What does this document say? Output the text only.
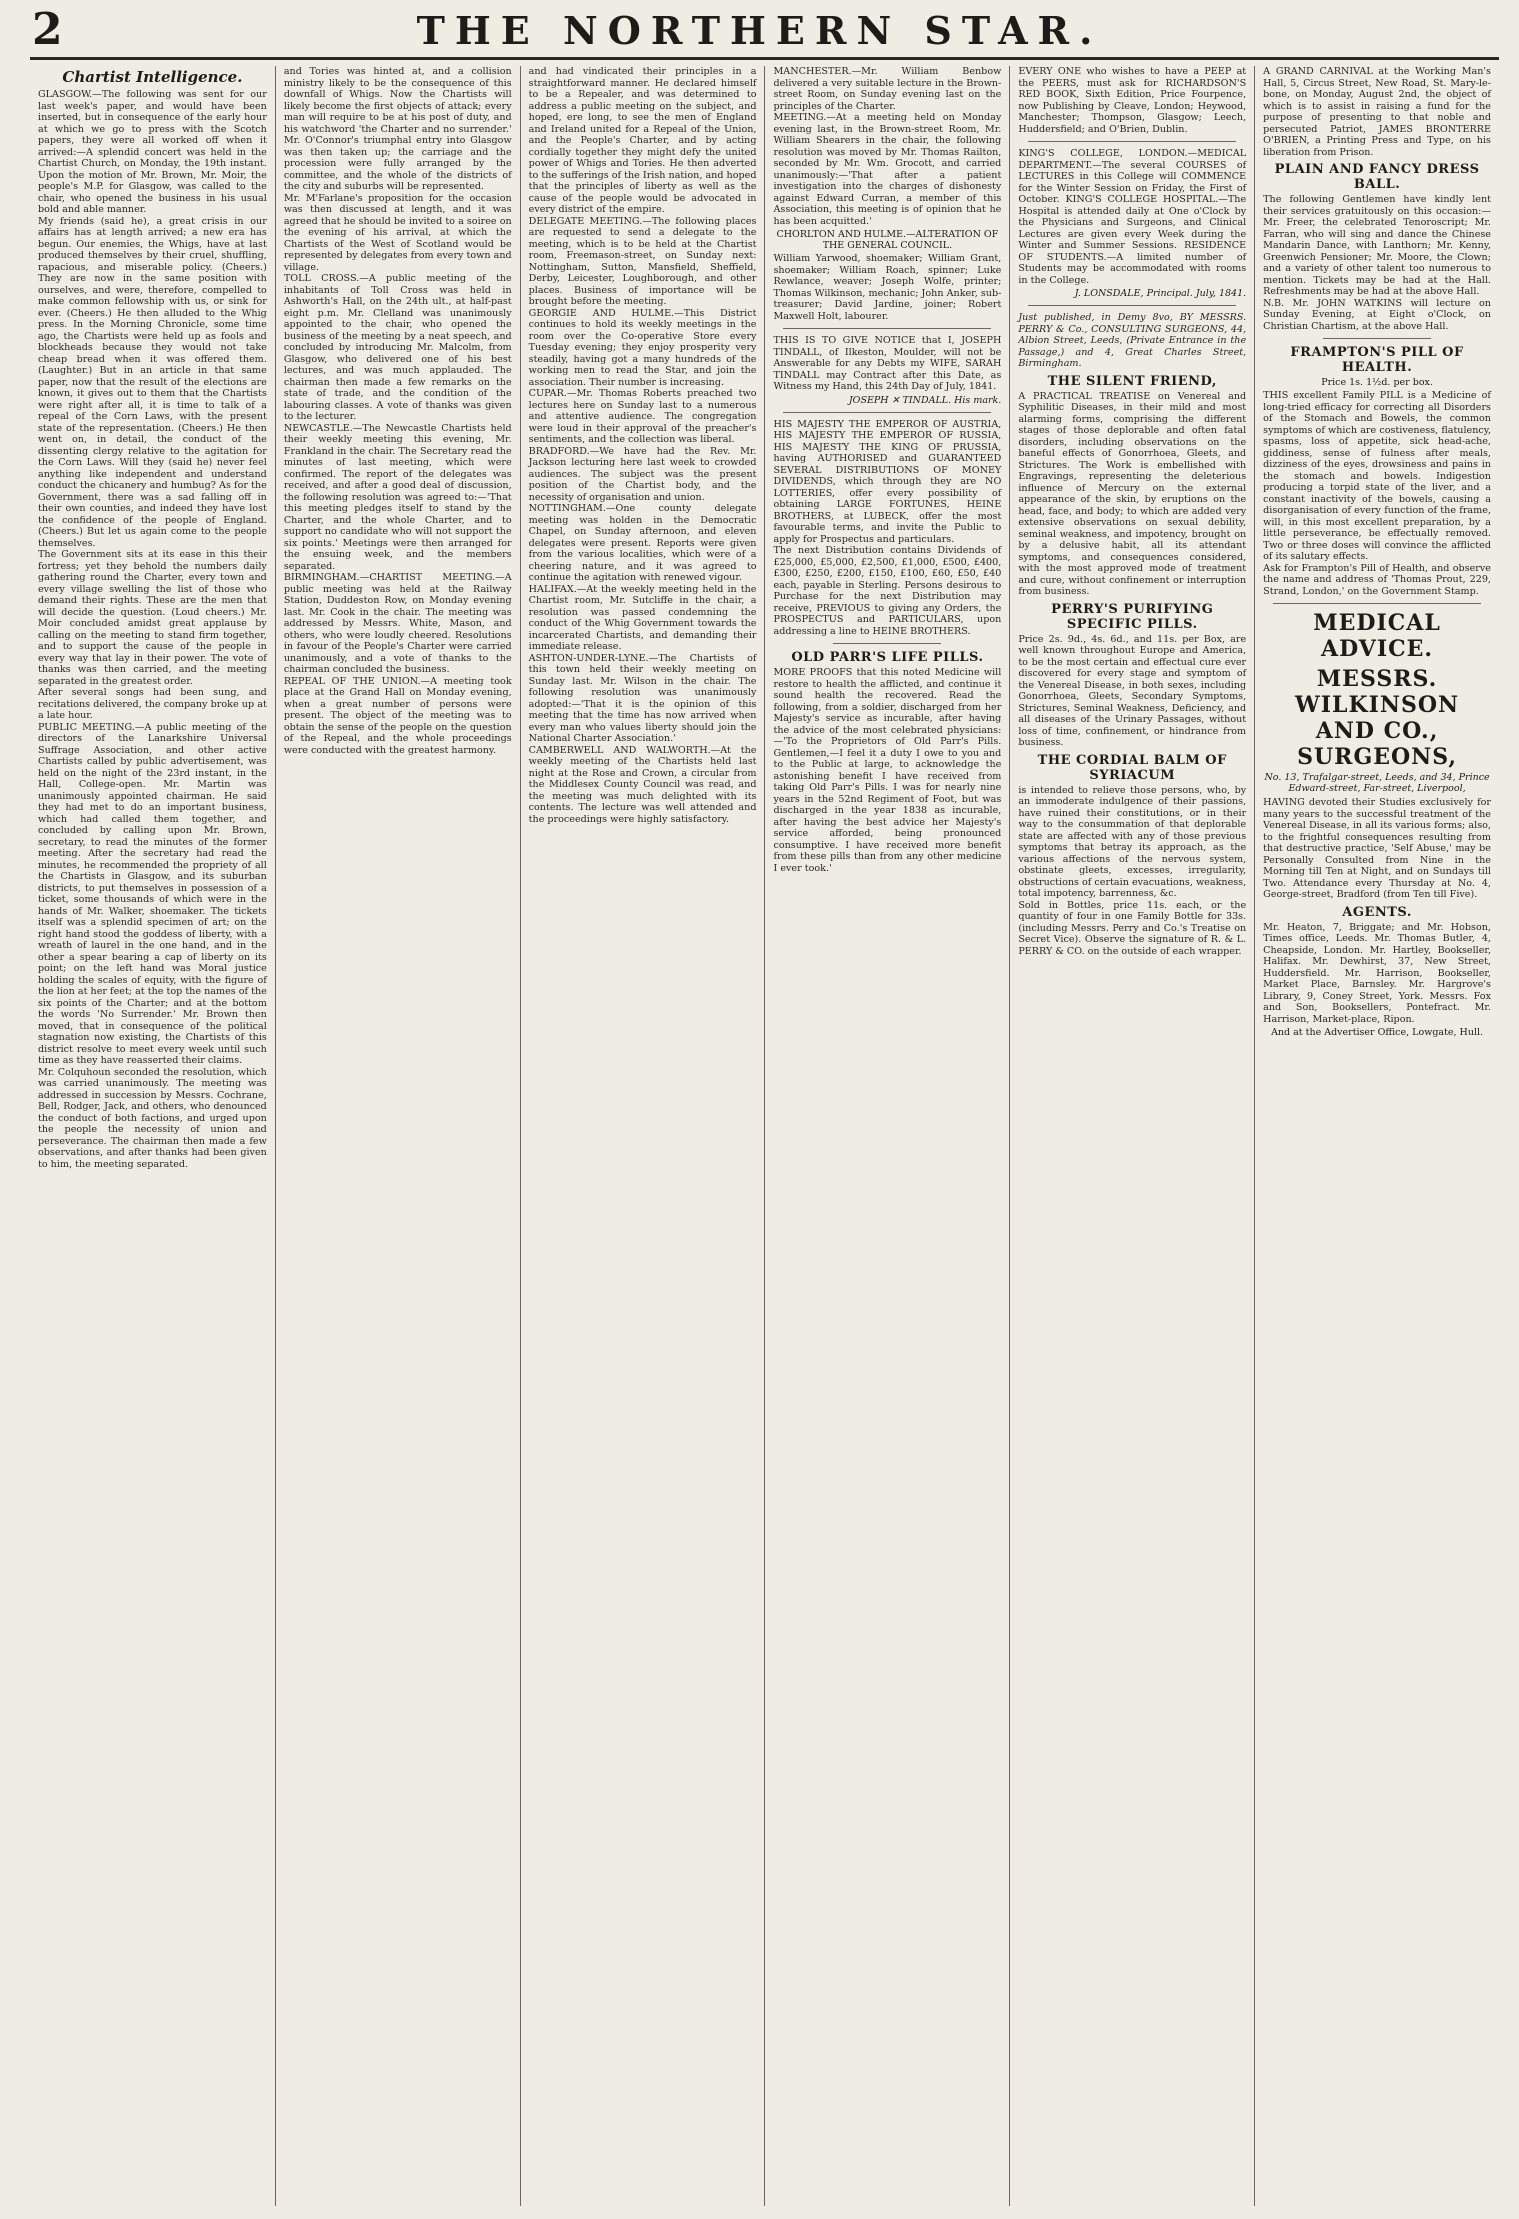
2	THE NORTHERN STAR.
Chartist Intelligence.

GLASGOW.—The following was sent for our last week's paper, and would have been inserted, but in consequence of the early hour at which we go to press with the Scotch papers, they were all worked off when it arrived:—A splendid concert was held in the Chartist Church, on Monday, the 19th instant. Upon the motion of Mr. Brown, Mr. Moir, the people's M.P. for Glasgow, was called to the chair, who opened the business in his usual bold and able manner.

My friends (said he), a great crisis in our affairs has at length arrived; a new era has begun. Our enemies, the Whigs, have at last produced themselves by their cruel, shuffling, rapacious, and miserable policy. (Cheers.) They are now in the same position with ourselves, and were, therefore, compelled to make common fellowship with us, or sink for ever. (Cheers.) He then alluded to the Whig press. In the Morning Chronicle, some time ago, the Chartists were held up as fools and blockheads because they would not take cheap bread when it was offered them. (Laughter.) But in an article in that same paper, now that the result of the elections are known, it gives out to them that the Chartists were right after all, it is time to talk of a repeal of the Corn Laws, with the present state of the representation. (Cheers.) He then went on, in detail, the conduct of the dissenting clergy relative to the agitation for the Corn Laws. Will they (said he) never feel anything like independent and understand conduct the chicanery and humbug? As for the Government, there was a sad falling off in their own counties, and indeed they have lost the confidence of the people of England. (Cheers.) But let us again come to the people themselves.

The Government sits at its ease in this their fortress; yet they behold the numbers daily gathering round the Charter, every town and every village swelling the list of those who demand their rights. These are the men that will decide the question. (Loud cheers.) Mr. Moir concluded amidst great applause by calling on the meeting to stand firm together, and to support the cause of the people in every way that lay in their power. The vote of thanks was then carried, and the meeting separated in the greatest order.

After several songs had been sung, and recitations delivered, the company broke up at a late hour.

PUBLIC MEETING.—A public meeting of the directors of the Lanarkshire Universal Suffrage Association, and other active Chartists called by public advertisement, was held on the night of the 23rd instant, in the Hall, College-open. Mr. Martin was unanimously appointed chairman. He said they had met to do an important business, which had called them together, and concluded by calling upon Mr. Brown, secretary, to read the minutes of the former meeting. After the secretary had read the minutes, he recommended the propriety of all the Chartists in Glasgow, and its suburban districts, to put themselves in possession of a ticket, some thousands of which were in the hands of Mr. Walker, shoemaker. The tickets itself was a splendid specimen of art; on the right hand stood the goddess of liberty, with a wreath of laurel in the one hand, and in the other a spear bearing a cap of liberty on its point; on the left hand was Moral justice holding the scales of equity, with the figure of the lion at her feet; at the top the names of the six points of the Charter; and at the bottom the words 'No Surrender.' Mr. Brown then moved, that in consequence of the political stagnation now existing, the Chartists of this district resolve to meet every week until such time as they have reasserted their claims.

Mr. Colquhoun seconded the resolution, which was carried unanimously. The meeting was addressed in succession by Messrs. Cochrane, Bell, Rodger, Jack, and others, who denounced the conduct of both factions, and urged upon the people the necessity of union and perseverance. The chairman then made a few observations, and after thanks had been given to him, the meeting separated.

and Tories was hinted at, and a collision ministry likely to be the consequence of this downfall of Whigs. Now the Chartists will likely become the first objects of attack; every man will require to be at his post of duty, and his watchword 'the Charter and no surrender.' Mr. O'Connor's triumphal entry into Glasgow was then taken up; the carriage and the procession were fully arranged by the committee, and the whole of the districts of the city and suburbs will be represented.

Mr. M'Farlane's proposition for the occasion was then discussed at length, and it was agreed that he should be invited to a soiree on the evening of his arrival, at which the Chartists of the West of Scotland would be represented by delegates from every town and village.

TOLL CROSS.—A public meeting of the inhabitants of Toll Cross was held in Ashworth's Hall, on the 24th ult., at half-past eight p.m. Mr. Clelland was unanimously appointed to the chair, who opened the business of the meeting by a neat speech, and concluded by introducing Mr. Malcolm, from Glasgow, who delivered one of his best lectures, and was much applauded. The chairman then made a few remarks on the state of trade, and the condition of the labouring classes. A vote of thanks was given to the lecturer.

NEWCASTLE.—The Newcastle Chartists held their weekly meeting this evening, Mr. Frankland in the chair. The Secretary read the minutes of last meeting, which were confirmed. The report of the delegates was received, and after a good deal of discussion, the following resolution was agreed to:—'That this meeting pledges itself to stand by the Charter, and the whole Charter, and to support no candidate who will not support the six points.' Meetings were then arranged for the ensuing week, and the members separated.

BIRMINGHAM.—CHARTIST MEETING.—A public meeting was held at the Railway Station, Duddeston Row, on Monday evening last. Mr. Cook in the chair. The meeting was addressed by Messrs. White, Mason, and others, who were loudly cheered. Resolutions in favour of the People's Charter were carried unanimously, and a vote of thanks to the chairman concluded the business.

REPEAL OF THE UNION.—A meeting took place at the Grand Hall on Monday evening, when a great number of persons were present. The object of the meeting was to obtain the sense of the people on the question of the Repeal, and the whole proceedings were conducted with the greatest harmony.

and had vindicated their principles in a straightforward manner. He declared himself to be a Repealer, and was determined to address a public meeting on the subject, and hoped, ere long, to see the men of England and Ireland united for a Repeal of the Union, and the People's Charter, and by acting cordially together they might defy the united power of Whigs and Tories. He then adverted to the sufferings of the Irish nation, and hoped that the principles of liberty as well as the cause of the people would be advocated in every district of the empire.

DELEGATE MEETING.—The following places are requested to send a delegate to the meeting, which is to be held at the Chartist room, Freemason-street, on Sunday next: Nottingham, Sutton, Mansfield, Sheffield, Derby, Leicester, Loughborough, and other places. Business of importance will be brought before the meeting.

GEORGIE AND HULME.—This District continues to hold its weekly meetings in the room over the Co-operative Store every Tuesday evening; they enjoy prosperity very steadily, having got a many hundreds of the working men to read the Star, and join the association. Their number is increasing.

CUPAR.—Mr. Thomas Roberts preached two lectures here on Sunday last to a numerous and attentive audience. The congregation were loud in their approval of the preacher's sentiments, and the collection was liberal.

BRADFORD.—We have had the Rev. Mr. Jackson lecturing here last week to crowded audiences. The subject was the present position of the Chartist body, and the necessity of organisation and union.

NOTTINGHAM.—One county delegate meeting was holden in the Democratic Chapel, on Sunday afternoon, and eleven delegates were present. Reports were given from the various localities, which were of a cheering nature, and it was agreed to continue the agitation with renewed vigour.

HALIFAX.—At the weekly meeting held in the Chartist room, Mr. Sutcliffe in the chair, a resolution was passed condemning the conduct of the Whig Government towards the incarcerated Chartists, and demanding their immediate release.

ASHTON-UNDER-LYNE.—The Chartists of this town held their weekly meeting on Sunday last. Mr. Wilson in the chair. The following resolution was unanimously adopted:—'That it is the opinion of this meeting that the time has now arrived when every man who values liberty should join the National Charter Association.'

CAMBERWELL AND WALWORTH.—At the weekly meeting of the Chartists held last night at the Rose and Crown, a circular from the Middlesex County Council was read, and the meeting was much delighted with its contents. The lecture was well attended and the proceedings were highly satisfactory.

MANCHESTER.—Mr. William Benbow delivered a very suitable lecture in the Brown-street Room, on Sunday evening last on the principles of the Charter.

MEETING.—At a meeting held on Monday evening last, in the Brown-street Room, Mr. William Shearers in the chair, the following resolution was moved by Mr. Thomas Railton, seconded by Mr. Wm. Grocott, and carried unanimously:—'That after a patient investigation into the charges of dishonesty against Edward Curran, a member of this Association, this meeting is of opinion that he has been acquitted.'

CHORLTON AND HULME.—ALTERATION OF THE GENERAL COUNCIL.

William Yarwood, shoemaker; William Grant, shoemaker; William Roach, spinner; Luke Rewlance, weaver; Joseph Wolfe, printer; Thomas Wilkinson, mechanic; John Anker, sub-treasurer; David Jardine, joiner; Robert Maxwell Holt, labourer.

THIS IS TO GIVE NOTICE that I, JOSEPH TINDALL, of Ilkeston, Moulder, will not be Answerable for any Debts my WIFE, SARAH TINDALL may Contract after this Date, as Witness my Hand, this 24th Day of July, 1841.

JOSEPH ✕ TINDALL. His mark.

HIS MAJESTY THE EMPEROR OF AUSTRIA, HIS MAJESTY THE EMPEROR OF RUSSIA, HIS MAJESTY THE KING OF PRUSSIA, having AUTHORISED and GUARANTEED SEVERAL DISTRIBUTIONS OF MONEY DIVIDENDS, which through they are NO LOTTERIES, offer every possibility of obtaining LARGE FORTUNES, HEINE BROTHERS, at LUBECK, offer the most favourable terms, and invite the Public to apply for Prospectus and particulars.

The next Distribution contains Dividends of £25,000, £5,000, £2,500, £1,000, £500, £400, £300, £250, £200, £150, £100, £60, £50, £40 each, payable in Sterling. Persons desirous to Purchase for the next Distribution may receive, PREVIOUS to giving any Orders, the PROSPECTUS and PARTICULARS, upon addressing a line to HEINE BROTHERS.

OLD PARR'S LIFE PILLS.

MORE PROOFS that this noted Medicine will restore to health the afflicted, and continue it sound health the recovered. Read the following, from a soldier, discharged from her Majesty's service as incurable, after having the advice of the most celebrated physicians:—'To the Proprietors of Old Parr's Pills. Gentlemen,—I feel it a duty I owe to you and to the Public at large, to acknowledge the astonishing benefit I have received from taking Old Parr's Pills. I was for nearly nine years in the 52nd Regiment of Foot, but was discharged in the year 1838 as incurable, after having the best advice her Majesty's service afforded, being pronounced consumptive. I have received more benefit from these pills than from any other medicine I ever took.'

EVERY ONE who wishes to have a PEEP at the PEERS, must ask for RICHARDSON'S RED BOOK, Sixth Edition, Price Fourpence, now Publishing by Cleave, London; Heywood, Manchester; Thompson, Glasgow; Leech, Huddersfield; and O'Brien, Dublin.

KING'S COLLEGE, LONDON.—MEDICAL DEPARTMENT.—The several COURSES of LECTURES in this College will COMMENCE for the Winter Session on Friday, the First of October. KING'S COLLEGE HOSPITAL.—The Hospital is attended daily at One o'Clock by the Physicians and Surgeons, and Clinical Lectures are given every Week during the Winter and Summer Sessions. RESIDENCE OF STUDENTS.—A limited number of Students may be accommodated with rooms in the College.

J. LONSDALE, Principal. July, 1841.

Just published, in Demy 8vo, BY MESSRS. PERRY & Co., CONSULTING SURGEONS, 44, Albion Street, Leeds, (Private Entrance in the Passage,) and 4, Great Charles Street, Birmingham.

THE SILENT FRIEND,

A PRACTICAL TREATISE on Venereal and Syphilitic Diseases, in their mild and most alarming forms, comprising the different stages of those deplorable and often fatal disorders, including observations on the baneful effects of Gonorrhoea, Gleets, and Strictures. The Work is embellished with Engravings, representing the deleterious influence of Mercury on the external appearance of the skin, by eruptions on the head, face, and body; to which are added very extensive observations on sexual debility, seminal weakness, and impotency, brought on by a delusive habit, all its attendant symptoms, and consequences considered, with the most approved mode of treatment and cure, without confinement or interruption from business.

PERRY'S PURIFYING SPECIFIC PILLS.

Price 2s. 9d., 4s. 6d., and 11s. per Box, are well known throughout Europe and America, to be the most certain and effectual cure ever discovered for every stage and symptom of the Venereal Disease, in both sexes, including Gonorrhoea, Gleets, Secondary Symptoms, Strictures, Seminal Weakness, Deficiency, and all diseases of the Urinary Passages, without loss of time, confinement, or hindrance from business.

THE CORDIAL BALM OF SYRIACUM

is intended to relieve those persons, who, by an immoderate indulgence of their passions, have ruined their constitutions, or in their way to the consummation of that deplorable state are affected with any of those previous symptoms that betray its approach, as the various affections of the nervous system, obstinate gleets, excesses, irregularity, obstructions of certain evacuations, weakness, total impotency, barrenness, &c.

Sold in Bottles, price 11s. each, or the quantity of four in one Family Bottle for 33s. (including Messrs. Perry and Co.'s Treatise on Secret Vice). Observe the signature of R. & L. PERRY & CO. on the outside of each wrapper.

A GRAND CARNIVAL at the Working Man's Hall, 5, Circus Street, New Road, St. Mary-le-bone, on Monday, August 2nd, the object of which is to assist in raising a fund for the purpose of presenting to that noble and persecuted Patriot, JAMES BRONTERRE O'BRIEN, a Printing Press and Type, on his liberation from Prison.

PLAIN AND FANCY DRESS BALL.

The following Gentlemen have kindly lent their services gratuitously on this occasion:—Mr. Freer, the celebrated Tenoroscript; Mr. Farran, who will sing and dance the Chinese Mandarin Dance, with Lanthorn; Mr. Kenny, Greenwich Pensioner; Mr. Moore, the Clown; and a variety of other talent too numerous to mention. Tickets may be had at the Hall. Refreshments may be had at the above Hall.

N.B. Mr. JOHN WATKINS will lecture on Sunday Evening, at Eight o'Clock, on Christian Chartism, at the above Hall.

FRAMPTON'S PILL OF HEALTH.
Price 1s. 1½d. per box.

THIS excellent Family PILL is a Medicine of long-tried efficacy for correcting all Disorders of the Stomach and Bowels, the common symptoms of which are costiveness, flatulency, spasms, loss of appetite, sick head-ache, giddiness, sense of fulness after meals, dizziness of the eyes, drowsiness and pains in the stomach and bowels. Indigestion producing a torpid state of the liver, and a constant inactivity of the bowels, causing a disorganisation of every function of the frame, will, in this most excellent preparation, by a little perseverance, be effectually removed. Two or three doses will convince the afflicted of its salutary effects.

Ask for Frampton's Pill of Health, and observe the name and address of 'Thomas Prout, 229, Strand, London,' on the Government Stamp.

MEDICAL ADVICE.
MESSRS. WILKINSON AND CO., SURGEONS,
No. 13, Trafalgar-street, Leeds, and 34, Prince Edward-street, Far-street, Liverpool,

HAVING devoted their Studies exclusively for many years to the successful treatment of the Venereal Disease, in all its various forms; also, to the frightful consequences resulting from that destructive practice, 'Self Abuse,' may be Personally Consulted from Nine in the Morning till Ten at Night, and on Sundays till Two. Attendance every Thursday at No. 4, George-street, Bradford (from Ten till Five).

AGENTS.

Mr. Heaton, 7, Briggate; and Mr. Hobson, Times office, Leeds. Mr. Thomas Butler, 4, Cheapside, London. Mr. Hartley, Bookseller, Halifax. Mr. Dewhirst, 37, New Street, Huddersfield. Mr. Harrison, Bookseller, Market Place, Barnsley. Mr. Hargrove's Library, 9, Coney Street, York. Messrs. Fox and Son, Booksellers, Pontefract. Mr. Harrison, Market-place, Ripon.

And at the Advertiser Office, Lowgate, Hull.
